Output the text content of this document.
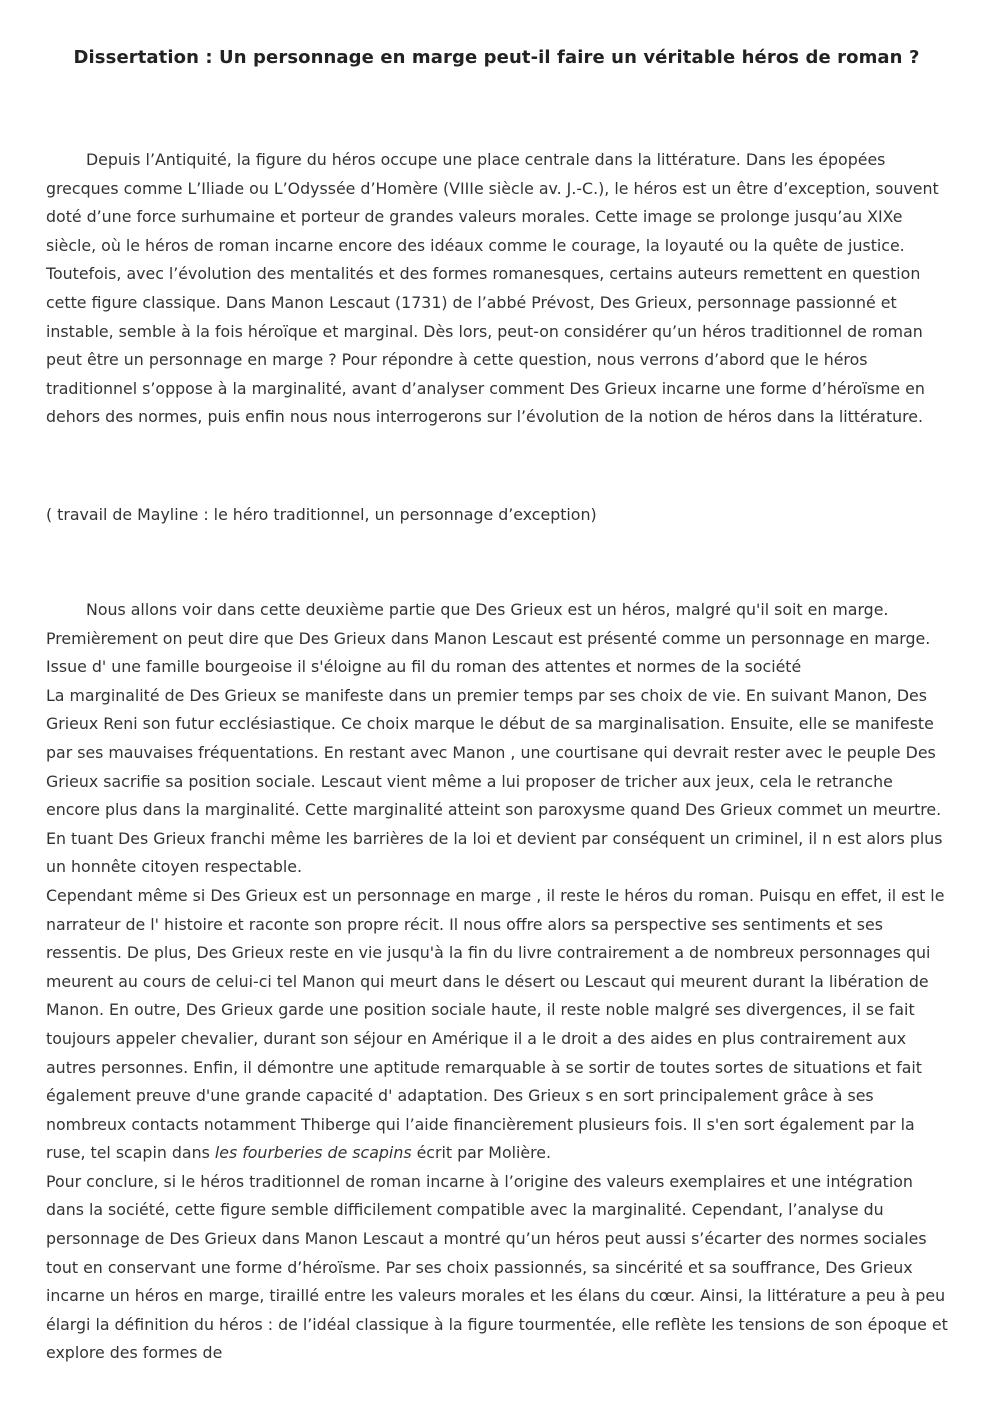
Dissertation : Un personnage en marge peut-il faire un véritable héros de roman ?

Depuis l’Antiquité, la figure du héros occupe une place centrale dans la littérature. Dans les épopées grecques comme L’Iliade ou L’Odyssée d’Homère (VIIIe siècle av. J.-C.), le héros est un être d’exception, souvent doté d’une force surhumaine et porteur de grandes valeurs morales. Cette image se prolonge jusqu’au XIXe siècle, où le héros de roman incarne encore des idéaux comme le courage, la loyauté ou la quête de justice. Toutefois, avec l’évolution des mentalités et des formes romanesques, certains auteurs remettent en question cette figure classique. Dans Manon Lescaut (1731) de l’abbé Prévost, Des Grieux, personnage passionné et instable, semble à la fois héroïque et marginal. Dès lors, peut-on considérer qu’un héros traditionnel de roman peut être un personnage en marge ? Pour répondre à cette question, nous verrons d’abord que le héros traditionnel s’oppose à la marginalité, avant d’analyser comment Des Grieux incarne une forme d’héroïsme en dehors des normes, puis enfin nous nous interrogerons sur l’évolution de la notion de héros dans la littérature.

( travail de Mayline : le héro traditionnel, un personnage d’exception)

Nous allons voir dans cette deuxième partie que Des Grieux est un héros, malgré qu'il soit en marge.
Premièrement on peut dire que Des Grieux dans Manon Lescaut est présenté comme un personnage en marge.
Issue d' une famille bourgeoise il s'éloigne au fil du roman des attentes et normes de la société
La marginalité de Des Grieux se manifeste dans un premier temps par ses choix de vie. En suivant Manon, Des Grieux Reni son futur ecclésiastique. Ce choix marque le début de sa marginalisation. Ensuite, elle se manifeste par ses mauvaises fréquentations. En restant avec Manon , une courtisane qui devrait rester avec le peuple Des Grieux sacrifie sa position sociale. Lescaut vient même a lui proposer de tricher aux jeux, cela le retranche encore plus dans la marginalité. Cette marginalité atteint son paroxysme quand Des Grieux commet un meurtre. En tuant Des Grieux franchi même les barrières de la loi et devient par conséquent un criminel, il n est alors plus un honnête citoyen respectable.
Cependant même si Des Grieux est un personnage en marge , il reste le héros du roman. Puisqu en effet, il est le narrateur de l' histoire et raconte son propre récit. Il nous offre alors sa perspective ses sentiments et ses ressentis. De plus, Des Grieux reste en vie jusqu'à la fin du livre contrairement a de nombreux personnages qui meurent au cours de celui-ci tel Manon qui meurt dans le désert ou Lescaut qui meurent durant la libération de Manon. En outre, Des Grieux garde une position sociale haute, il reste noble malgré ses divergences, il se fait toujours appeler chevalier, durant son séjour en Amérique il a le droit a des aides en plus contrairement aux autres personnes. Enfin, il démontre une aptitude remarquable à se sortir de toutes sortes de situations et fait également preuve d'une grande capacité d' adaptation. Des Grieux s en sort principalement grâce à ses nombreux contacts notamment Thiberge qui l’aide financièrement plusieurs fois. Il s'en sort également par la ruse, tel scapin dans les fourberies de scapins écrit par Molière.
Pour conclure, si le héros traditionnel de roman incarne à l’origine des valeurs exemplaires et une intégration dans la société, cette figure semble difficilement compatible avec la marginalité. Cependant, l’analyse du personnage de Des Grieux dans Manon Lescaut a montré qu’un héros peut aussi s’écarter des normes sociales tout en conservant une forme d’héroïsme. Par ses choix passionnés, sa sincérité et sa souffrance, Des Grieux incarne un héros en marge, tiraillé entre les valeurs morales et les élans du cœur. Ainsi, la littérature a peu à peu élargi la définition du héros : de l’idéal classique à la figure tourmentée, elle reflète les tensions de son époque et explore des formes de
